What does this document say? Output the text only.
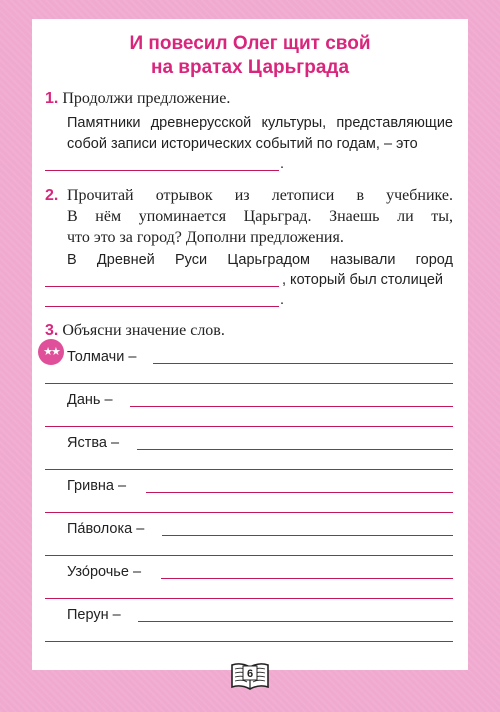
И повесил Олег щит свой
на вратах Царьграда

1. Продолжи предложение.

Памятники древнерусской культуры, представляющие

собой записи исторических событий по годам, – это

.

2. Прочитай отрывок из летописи в учебнике.

В нём упоминается Царьград. Знаешь ли ты,

что это за город? Дополни предложения.

В Древней Руси Царьградом называли город

, который был столицей
.

3. Объясни значение слов.

★★ Толмачи –
Дань –
Яства –
Гривна –
Па́волока –
Узо́рочье –
Перун –
6
